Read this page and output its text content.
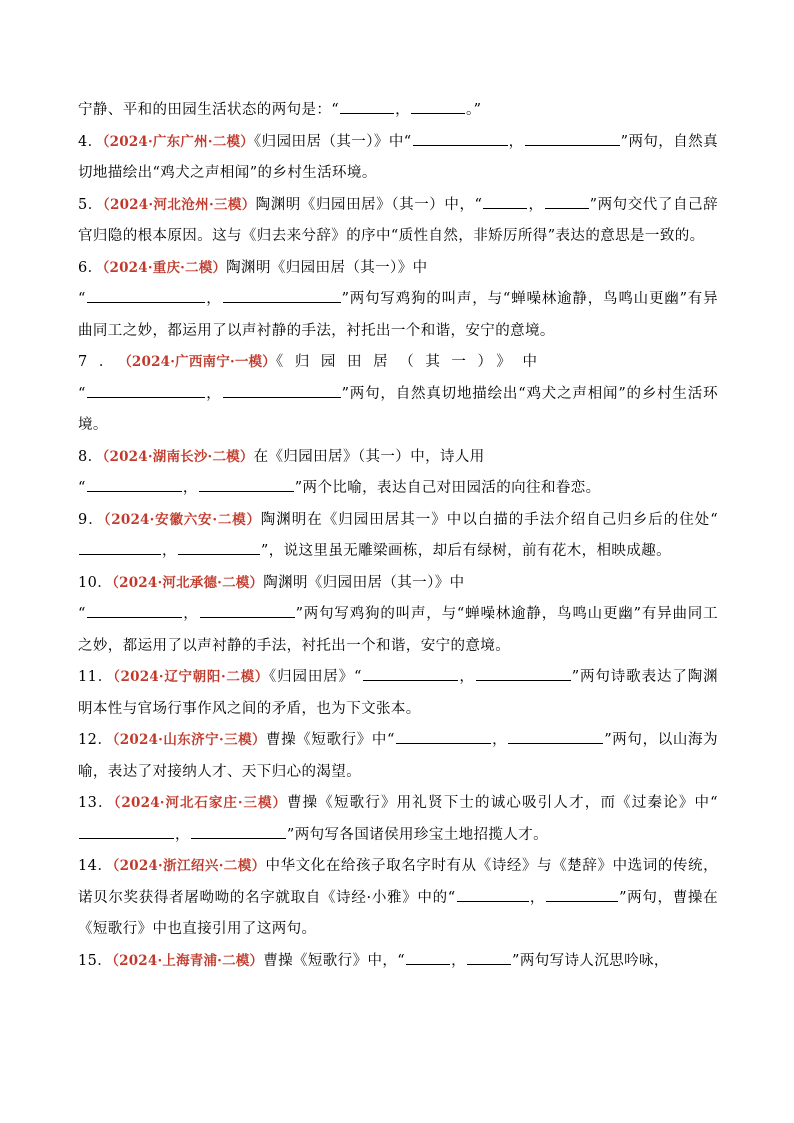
宁静、平和的田园生活状态的两句是：“	，	。”

4．（2024·广东广州·二模）《归园田居（其一）》中“	，	”两句，自然真切地描绘出“鸡犬之声相闻”的乡村生活环境。

5．（2024·河北沧州·三模）陶渊明《归园田居》（其一）中，“	，	”两句交代了自己辞官归隐的根本原因。这与《归去来兮辞》的序中“质性自然，非矫厉所得”表达的意思是一致的。

6．（2024·重庆·二模）陶渊明《归园田居（其一）》中
“	，	”两句写鸡狗的叫声，与“蝉噪林逾静，鸟鸣山更幽”有异曲同工之妙，都运用了以声衬静的手法，衬托出一个和谐，安宁的意境。

7．（2024·广西南宁·一模）《归园田居（其一）》中
“	，	”两句，自然真切地描绘出“鸡犬之声相闻”的乡村生活环境。

8．（2024·湖南长沙·二模）在《归园田居》（其一）中，诗人用
“	，	”两个比喻，表达自己对田园活的向往和眷恋。

9．（2024·安徽六安·二模）陶渊明在《归园田居其一》中以白描的手法介绍自己归乡后的住处“，	”，说这里虽无雕梁画栋，却后有绿树，前有花木，相映成趣。

10．（2024·河北承德·二模）陶渊明《归园田居（其一）》中
“	，	”两句写鸡狗的叫声，与“蝉噪林逾静，鸟鸣山更幽”有异曲同工之妙，都运用了以声衬静的手法，衬托出一个和谐，安宁的意境。

11．（2024·辽宁朝阳·二模）《归园田居》“	，	”两句诗歌表达了陶渊明本性与官场行事作风之间的矛盾，也为下文张本。

12．（2024·山东济宁·三模）曹操《短歌行》中“	，	”两句，以山海为喻，表达了对接纳人才、天下归心的渴望。

13．（2024·河北石家庄·三模）曹操《短歌行》用礼贤下士的诚心吸引人才，而《过秦论》中“，	”两句写各国诸侯用珍宝土地招揽人才。

14．（2024·浙江绍兴·二模）中华文化在给孩子取名字时有从《诗经》与《楚辞》中选词的传统，诺贝尔奖获得者屠呦呦的名字就取自《诗经·小雅》中的“	，	”两句，曹操在《短歌行》中也直接引用了这两句。

15．（2024·上海青浦·二模）曹操《短歌行》中，“	，	”两句写诗人沉思吟咏，
